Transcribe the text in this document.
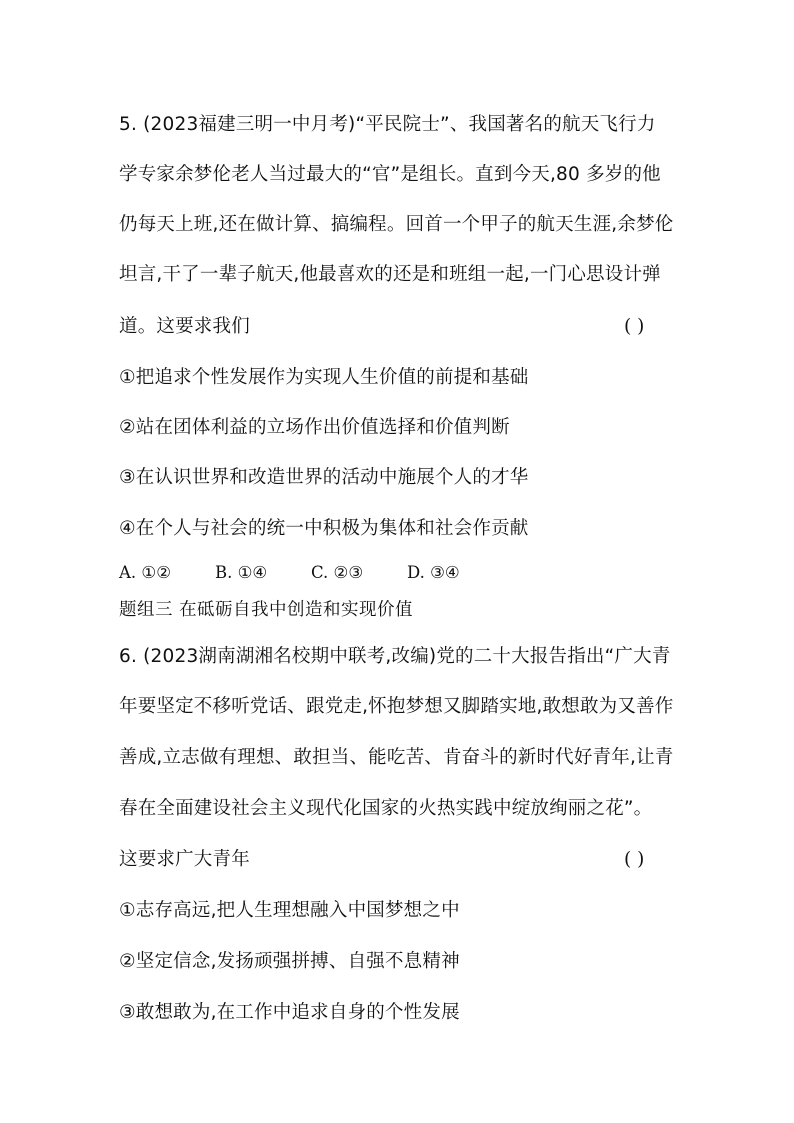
5. (2023福建三明一中月考)“平民院士”、我国著名的航天飞行力
学专家余梦伦老人当过最大的“官”是组长。直到今天,80 多岁的他
仍每天上班,还在做计算、搞编程。回首一个甲子的航天生涯,余梦伦
坦言,干了一辈子航天,他最喜欢的还是和班组一起,一门心思设计弹
道。这要求我们	( )
①把追求个性发展作为实现人生价值的前提和基础
②站在团体利益的立场作出价值选择和价值判断
③在认识世界和改造世界的活动中施展个人的才华
④在个人与社会的统一中积极为集体和社会作贡献
A. ①②	B. ①④	C. ②③	D. ③④
题组三 在砥砺自我中创造和实现价值
6. (2023湖南湖湘名校期中联考,改编)党的二十大报告指出“广大青
年要坚定不移听党话、跟党走,怀抱梦想又脚踏实地,敢想敢为又善作
善成,立志做有理想、敢担当、能吃苦、肯奋斗的新时代好青年,让青
春在全面建设社会主义现代化国家的火热实践中绽放绚丽之花”。
这要求广大青年	( )
①志存高远,把人生理想融入中国梦想之中
②坚定信念,发扬顽强拼搏、自强不息精神
③敢想敢为,在工作中追求自身的个性发展
